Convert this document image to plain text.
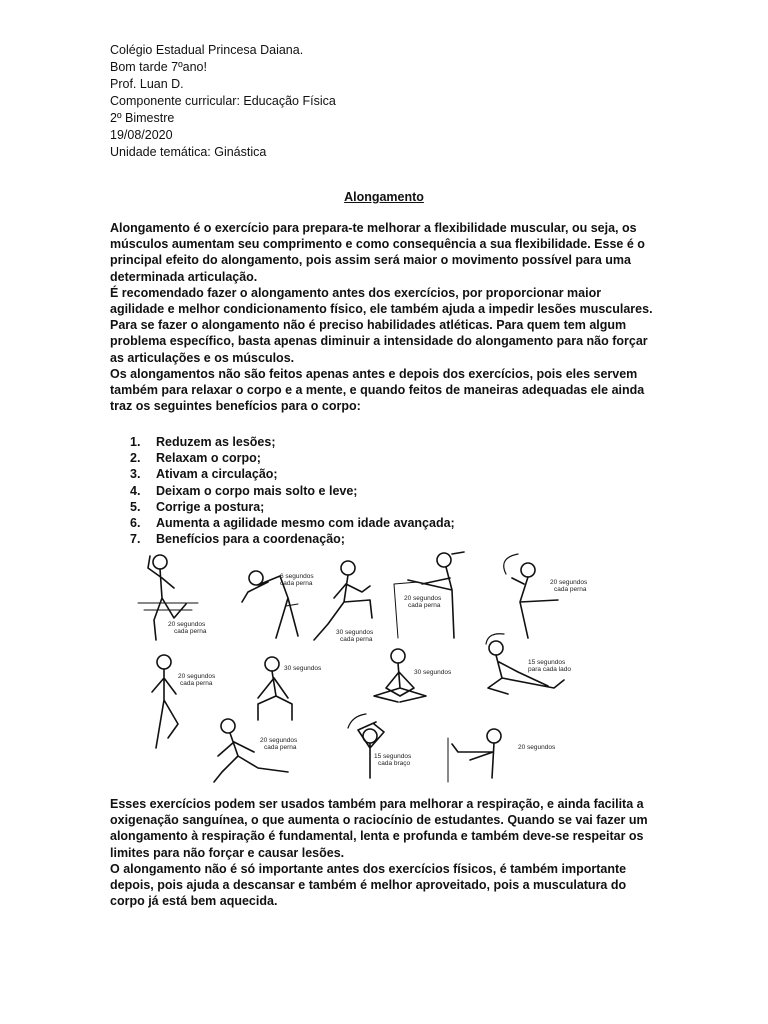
Colégio Estadual Princesa Daiana.
Bom tarde 7ºano!
Prof. Luan D.
Componente curricular: Educação Física
2º Bimestre
19/08/2020
Unidade temática: Ginástica
Alongamento

Alongamento é o exercício para prepara-te melhorar a flexibilidade muscular, ou seja, os músculos aumentam seu comprimento e como consequência a sua flexibilidade. Esse é o principal efeito do alongamento, pois assim será maior o movimento possível para uma determinada articulação.

É recomendado fazer o alongamento antes dos exercícios, por proporcionar maior agilidade e melhor condicionamento físico, ele também ajuda a impedir lesões musculares. Para se fazer o alongamento não é preciso habilidades atléticas. Para quem tem algum problema específico, basta apenas diminuir a intensidade do alongamento para não forçar

as articulações e os músculos.

Os alongamentos não são feitos apenas antes e depois dos exercícios, pois eles servem também para relaxar o corpo e a mente, e quando feitos de maneiras adequadas ele ainda traz os seguintes benefícios para o corpo:

1.	Reduzem as lesões;
2.	Relaxam o corpo;
3.	Ativam a circulação;
4.	Deixam o corpo mais solto e leve;
5.	Corrige a postura;
6.	Aumenta a agilidade mesmo com idade avançada;
7.	Benefícios para a coordenação;
20 segundos
cada perna
6 segundos
cada perna
30 segundos
cada perna
20 segundos
cada perna
20 segundos
cada perna
20 segundos
cada perna
30 segundos
30 segundos
15 segundos
para cada lado
20 segundos
cada perna
15 segundos
cada braço
20 segundos

Esses exercícios podem ser usados também para melhorar a respiração, e ainda facilita a oxigenação sanguínea, o que aumenta o raciocínio de estudantes. Quando se vai fazer um alongamento à respiração é fundamental, lenta e profunda e também deve-se respeitar os limites para não forçar e causar lesões.

O alongamento não é só importante antes dos exercícios físicos, é também importante depois, pois ajuda a descansar e também é melhor aproveitado, pois a musculatura do corpo já está bem aquecida.
